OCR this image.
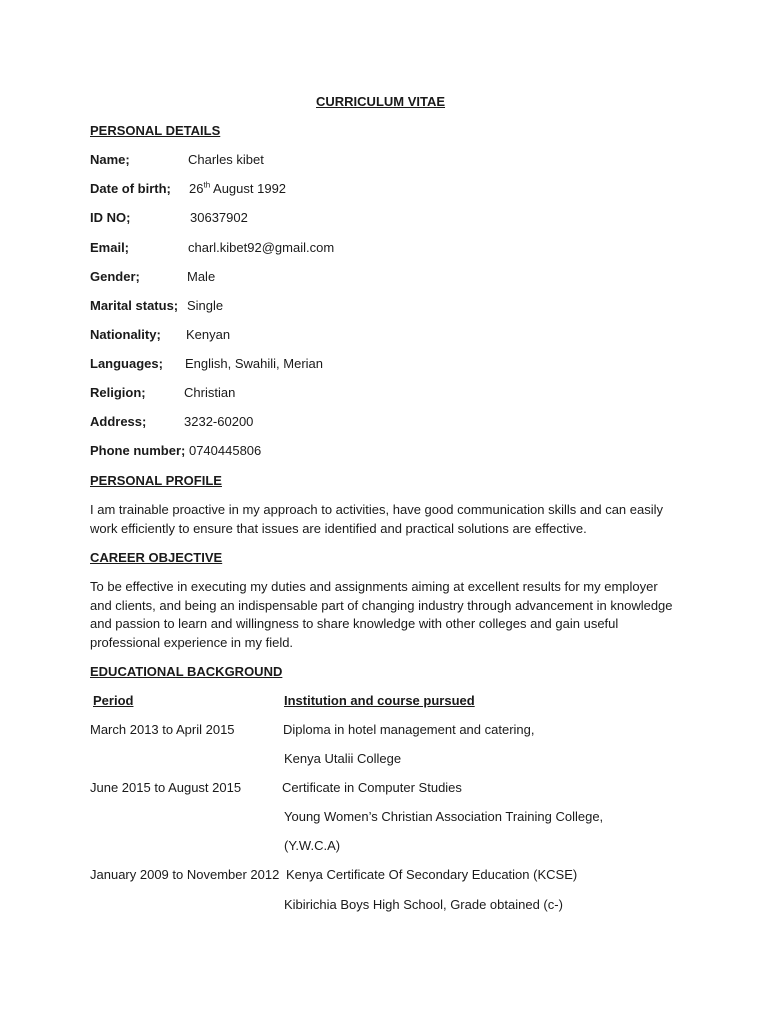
CURRICULUM VITAE
PERSONAL DETAILS
Name;	Charles kibet
Date of birth; 26th August 1992
ID NO;	30637902
Email;	charl.kibet92@gmail.com
Gender;	Male
Marital status; Single
Nationality; Kenyan
Languages; English, Swahili, Merian
Religion;	Christian
Address;	3232-60200
Phone number; 0740445806
PERSONAL PROFILE
I am trainable proactive in my approach to activities, have good communication skills and can easily work efficiently to ensure that issues are identified and practical solutions are effective.
CAREER OBJECTIVE
To be effective in executing my duties and assignments aiming at excellent results for my employer and clients, and being an indispensable part of changing industry through advancement in knowledge and passion to learn and willingness to share knowledge with other colleges and gain useful professional experience in my field.
EDUCATIONAL BACKGROUND
Period	Institution and course pursued
March 2013 to April 2015	Diploma in hotel management and catering,
Kenya Utalii College
June 2015 to August 2015	Certificate in Computer Studies
Young Women’s Christian Association Training College,
(Y.W.C.A)
January 2009 to November 2012 Kenya Certificate Of Secondary Education (KCSE)
Kibirichia Boys High School, Grade obtained (c-)
